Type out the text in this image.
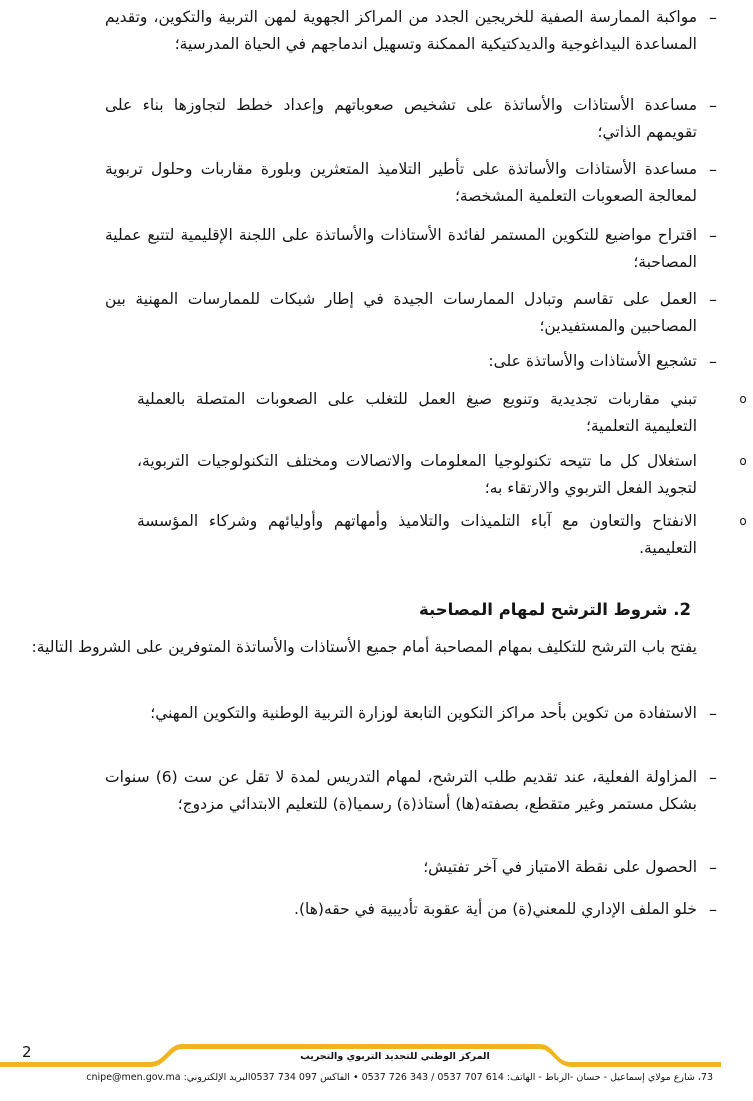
–
مواكبة الممارسة الصفية للخريجين الجدد من المراكز الجهوية لمهن التربية والتكوين، وتقديم المساعدة البيداغوجية والديدكتيكية الممكنة وتسهيل اندماجهم في الحياة المدرسية؛
–
مساعدة الأستاذات والأساتذة على تشخيص صعوباتهم وإعداد خطط لتجاوزها بناء على تقويمهم الذاتي؛
–
مساعدة الأستاذات والأساتذة على تأطير التلاميذ المتعثرين وبلورة مقاربات وحلول تربوية لمعالجة الصعوبات التعلمية المشخصة؛
–
اقتراح مواضيع للتكوين المستمر لفائدة الأستاذات والأساتذة على اللجنة الإقليمية لتتبع عملية المصاحبة؛
–
العمل على تقاسم وتبادل الممارسات الجيدة في إطار شبكات للممارسات المهنية بين المصاحبين والمستفيدين؛
–
تشجيع الأستاذات والأساتذة على:
o
تبني مقاربات تجديدية وتنويع صيغ العمل للتغلب على الصعوبات المتصلة بالعملية التعليمية التعلمية؛
o
استغلال كل ما تتيحه تكنولوجيا المعلومات والاتصالات ومختلف التكنولوجيات التربوية، لتجويد الفعل التربوي والارتقاء به؛
o
الانفتاح والتعاون مع آباء التلميذات والتلاميذ وأمهاتهم وأوليائهم وشركاء المؤسسة التعليمية.
2. شروط الترشح لمهام المصاحبة
يفتح باب الترشح للتكليف بمهام المصاحبة أمام جميع الأستاذات والأساتذة المتوفرين على الشروط التالية:
–
الاستفادة من تكوين بأحد مراكز التكوين التابعة لوزارة التربية الوطنية والتكوين المهني؛
–
المزاولة الفعلية، عند تقديم طلب الترشح، لمهام التدريس لمدة لا تقل عن ست (6) سنوات بشكل مستمر وغير متقطع، بصفته(ها) أستاذ(ة) رسميا(ة) للتعليم الابتدائي مزدوج؛
–
الحصول على نقطة الامتياز في آخر تفتيش؛
–
خلو الملف الإداري للمعني(ة) من أية عقوبة تأديبية في حقه(ها).
2	المركز الوطني للتجديد التربوي والتجريب
73، شارع مولاي إسماعيل - حسان -الرباط - الهاتف: 614 707 0537 / 343 726 0537 • الفاكس 097 734 0537البريد الإلكتروني: cnipe@men.gov.ma
